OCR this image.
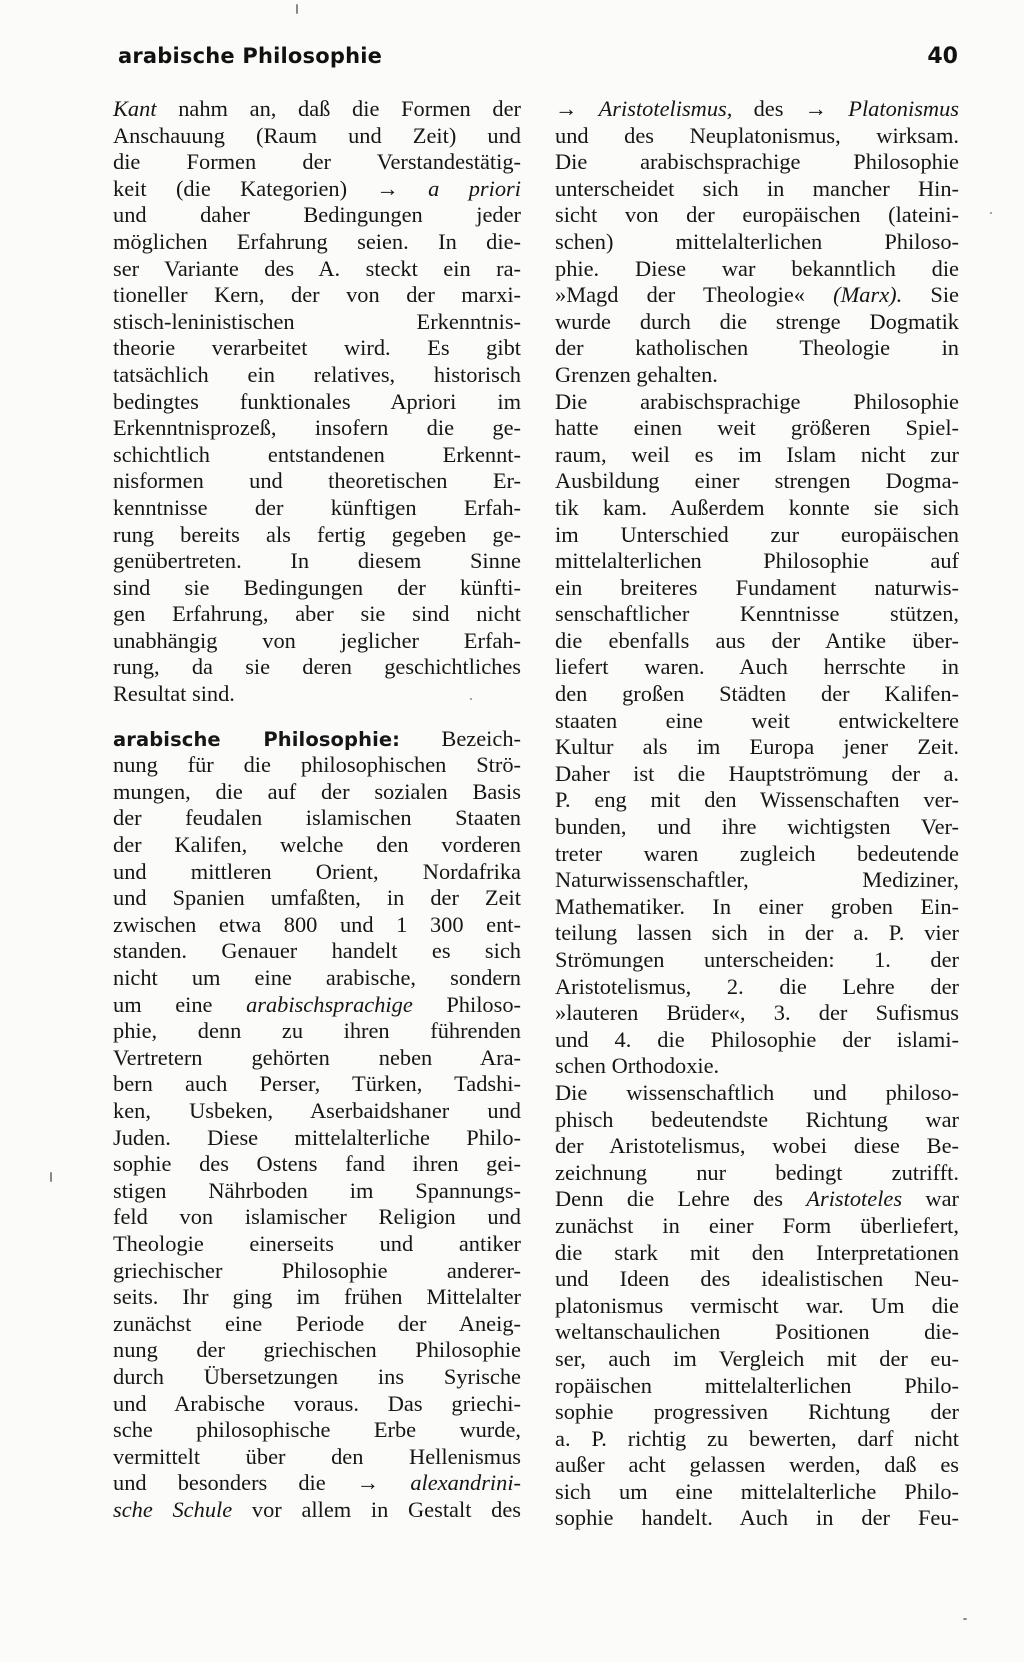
arabische Philosophie	40
Kant nahm an, daß die Formen der
Anschauung (Raum und Zeit) und
die Formen der Verstandestätig-
keit (die Kategorien) → a priori
und daher Bedingungen jeder
möglichen Erfahrung seien. In die-
ser Variante des A. steckt ein ra-
tioneller Kern, der von der marxi-
stisch-leninistischen Erkenntnis-
theorie verarbeitet wird. Es gibt
tatsächlich ein relatives, historisch
bedingtes funktionales Apriori im
Erkenntnisprozeß, insofern die ge-
schichtlich entstandenen Erkennt-
nisformen und theoretischen Er-
kenntnisse der künftigen Erfah-
rung bereits als fertig gegeben ge-
genübertreten. In diesem Sinne
sind sie Bedingungen der künfti-
gen Erfahrung, aber sie sind nicht
unabhängig von jeglicher Erfah-
rung, da sie deren geschichtliches
Resultat sind.
arabische Philosophie: Bezeich-
nung für die philosophischen Strö-
mungen, die auf der sozialen Basis
der feudalen islamischen Staaten
der Kalifen, welche den vorderen
und mittleren Orient, Nordafrika
und Spanien umfaßten, in der Zeit
zwischen etwa 800 und 1 300 ent-
standen. Genauer handelt es sich
nicht um eine arabische, sondern
um eine arabischsprachige Philoso-
phie, denn zu ihren führenden
Vertretern gehörten neben Ara-
bern auch Perser, Türken, Tadshi-
ken, Usbeken, Aserbaidshaner und
Juden. Diese mittelalterliche Philo-
sophie des Ostens fand ihren gei-
stigen Nährboden im Spannungs-
feld von islamischer Religion und
Theologie einerseits und antiker
griechischer Philosophie anderer-
seits. Ihr ging im frühen Mittelalter
zunächst eine Periode der Aneig-
nung der griechischen Philosophie
durch Übersetzungen ins Syrische
und Arabische voraus. Das griechi-
sche philosophische Erbe wurde,
vermittelt über den Hellenismus
und besonders die → alexandrini-
sche Schule vor allem in Gestalt des
→ Aristotelismus, des → Platonismus
und des Neuplatonismus, wirksam.
Die arabischsprachige Philosophie
unterscheidet sich in mancher Hin-
sicht von der europäischen (lateini-
schen) mittelalterlichen Philoso-
phie. Diese war bekanntlich die
»Magd der Theologie« (Marx). Sie
wurde durch die strenge Dogmatik
der katholischen Theologie in
Grenzen gehalten.
Die arabischsprachige Philosophie
hatte einen weit größeren Spiel-
raum, weil es im Islam nicht zur
Ausbildung einer strengen Dogma-
tik kam. Außerdem konnte sie sich
im Unterschied zur europäischen
mittelalterlichen Philosophie auf
ein breiteres Fundament naturwis-
senschaftlicher Kenntnisse stützen,
die ebenfalls aus der Antike über-
liefert waren. Auch herrschte in
den großen Städten der Kalifen-
staaten eine weit entwickeltere
Kultur als im Europa jener Zeit.
Daher ist die Hauptströmung der a.
P. eng mit den Wissenschaften ver-
bunden, und ihre wichtigsten Ver-
treter waren zugleich bedeutende
Naturwissenschaftler, Mediziner,
Mathematiker. In einer groben Ein-
teilung lassen sich in der a. P. vier
Strömungen unterscheiden: 1. der
Aristotelismus, 2. die Lehre der
»lauteren Brüder«, 3. der Sufismus
und 4. die Philosophie der islami-
schen Orthodoxie.
Die wissenschaftlich und philoso-
phisch bedeutendste Richtung war
der Aristotelismus, wobei diese Be-
zeichnung nur bedingt zutrifft.
Denn die Lehre des Aristoteles war
zunächst in einer Form überliefert,
die stark mit den Interpretationen
und Ideen des idealistischen Neu-
platonismus vermischt war. Um die
weltanschaulichen Positionen die-
ser, auch im Vergleich mit der eu-
ropäischen mittelalterlichen Philo-
sophie progressiven Richtung der
a. P. richtig zu bewerten, darf nicht
außer acht gelassen werden, daß es
sich um eine mittelalterliche Philo-
sophie handelt. Auch in der Feu-
